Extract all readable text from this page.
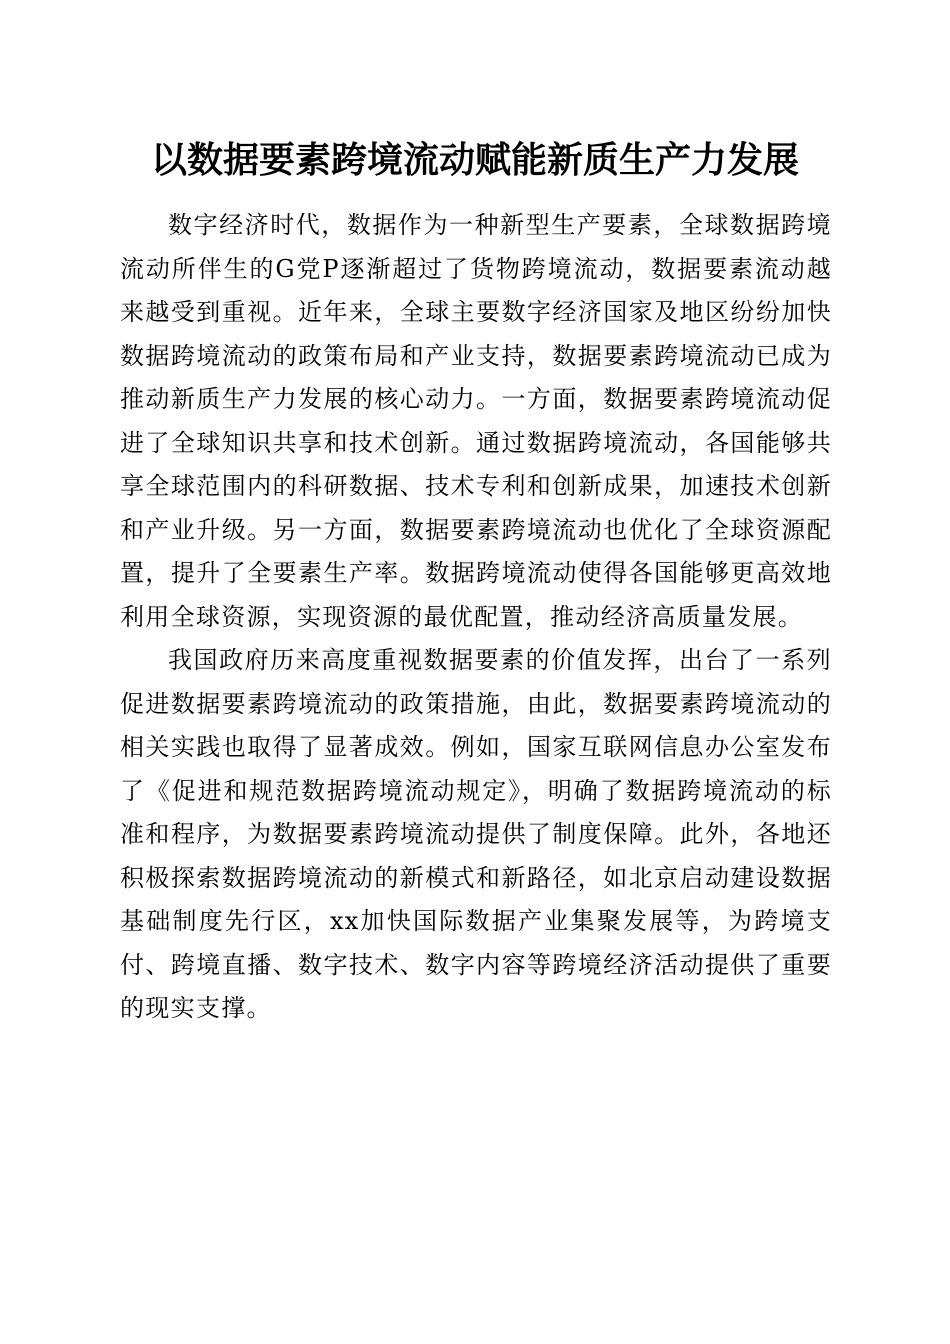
以数据要素跨境流动赋能新质生产力发展

数字经济时代，数据作为一种新型生产要素，全球数据跨境流动所伴生的G党P逐渐超过了货物跨境流动，数据要素流动越来越受到重视。近年来，全球主要数字经济国家及地区纷纷加快数据跨境流动的政策布局和产业支持，数据要素跨境流动已成为推动新质生产力发展的核心动力。一方面，数据要素跨境流动促进了全球知识共享和技术创新。通过数据跨境流动，各国能够共享全球范围内的科研数据、技术专利和创新成果，加速技术创新和产业升级。另一方面，数据要素跨境流动也优化了全球资源配置，提升了全要素生产率。数据跨境流动使得各国能够更高效地利用全球资源，实现资源的最优配置，推动经济高质量发展。

我国政府历来高度重视数据要素的价值发挥，出台了一系列促进数据要素跨境流动的政策措施，由此，数据要素跨境流动的相关实践也取得了显著成效。例如，国家互联网信息办公室发布了《促进和规范数据跨境流动规定》，明确了数据跨境流动的标准和程序，为数据要素跨境流动提供了制度保障。此外，各地还积极探索数据跨境流动的新模式和新路径，如北京启动建设数据基础制度先行区，xx加快国际数据产业集聚发展等，为跨境支付、跨境直播、数字技术、数字内容等跨境经济活动提供了重要的现实支撑。
